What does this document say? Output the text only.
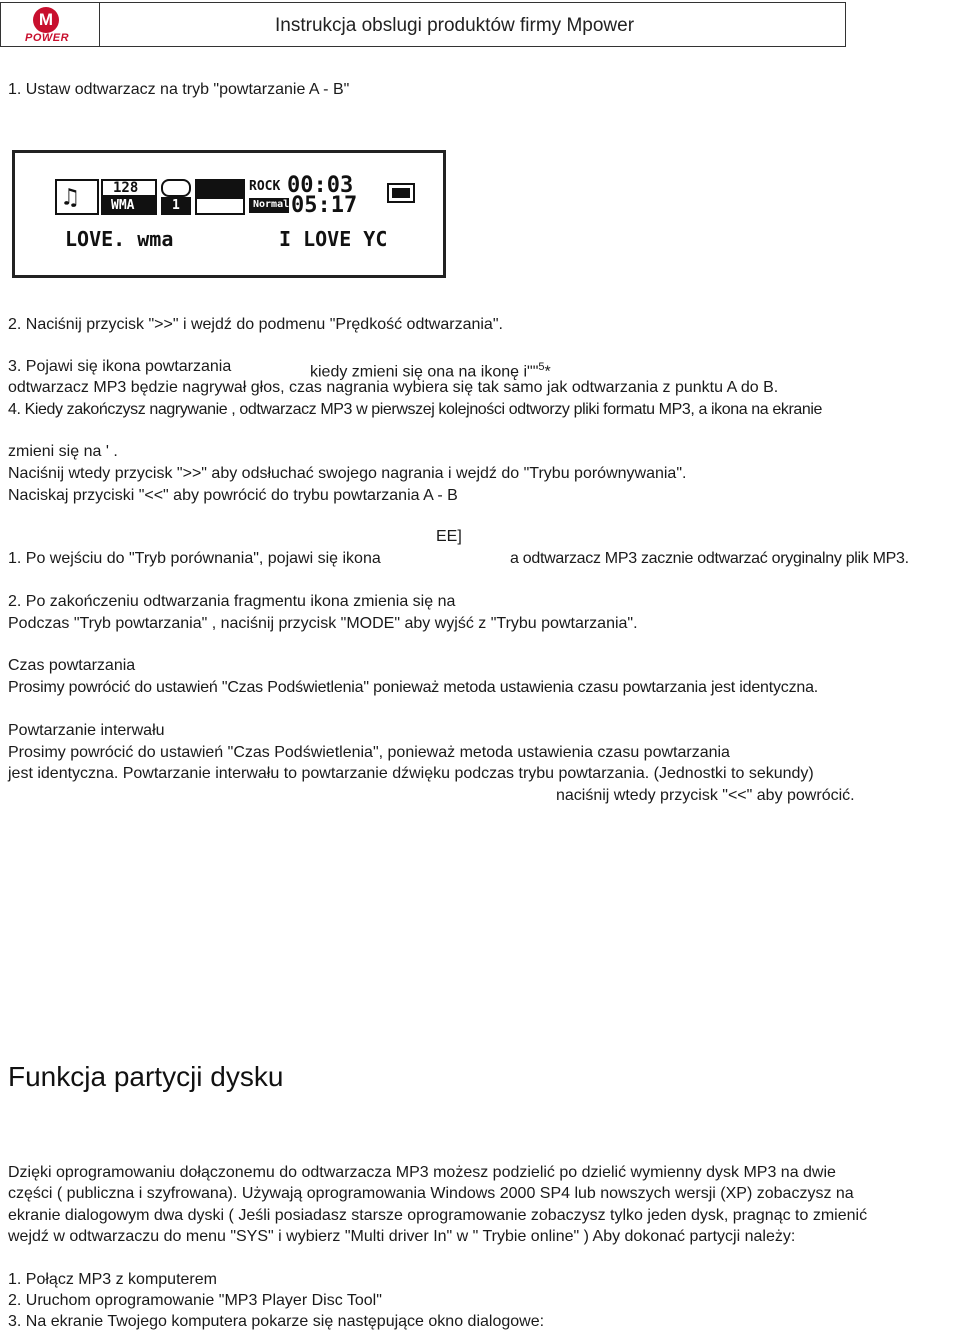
M
POWER
Instrukcja obslugi produktów firmy Mpower
1. Ustaw odtwarzacz na tryb "powtarzanie A - B"
♫	128
WMA	1
ROCK 00:03
Normal 05:17
LOVE. wma	I LOVE YC
2. Naciśnij przycisk ">>" i wejdź do podmenu "Prędkość odtwarzania".
3. Pojawi się ikona powtarzania	kiedy zmieni się ona na ikonę i""$^5$*
odtwarzacz MP3 będzie nagrywał głos, czas nagrania wybiera się tak samo jak odtwarzania z punktu A do B.
4. Kiedy zakończysz nagrywanie , odtwarzacz MP3 w pierwszej kolejności odtworzy pliki formatu MP3, a ikona na ekranie
zmieni się na ' .
Naciśnij wtedy przycisk ">>" aby odsłuchać swojego nagrania i wejdź do "Trybu porównywania".
Naciskaj przyciski "<<" aby powrócić do trybu powtarzania A - B
EE]
1. Po wejściu do "Tryb porównania", pojawi się ikona	a odtwarzacz MP3 zacznie odtwarzać oryginalny plik MP3.
2. Po zakończeniu odtwarzania fragmentu ikona zmienia się na
Podczas "Tryb powtarzania" , naciśnij przycisk "MODE" aby wyjść z "Trybu powtarzania".
Czas powtarzania
Prosimy powrócić do ustawień "Czas Podświetlenia" ponieważ metoda ustawienia czasu powtarzania jest identyczna.
Powtarzanie interwału
Prosimy powrócić do ustawień "Czas Podświetlenia", ponieważ metoda ustawienia czasu powtarzania
jest identyczna. Powtarzanie interwału to powtarzanie dźwięku podczas trybu powtarzania. (Jednostki to sekundy)
naciśnij wtedy przycisk "<<" aby powrócić.
Funkcja partycji dysku
Dzięki oprogramowaniu dołączonemu do odtwarzacza MP3 możesz podzielić po dzielić wymienny dysk MP3 na dwie
części ( publiczna i szyfrowana). Używają oprogramowania Windows 2000 SP4 lub nowszych wersji (XP) zobaczysz na
ekranie dialogowym dwa dyski ( Jeśli posiadasz starsze oprogramowanie zobaczysz tylko jeden dysk, pragnąc to zmienić
wejdź w odtwarzaczu do menu "SYS" i wybierz "Multi driver In" w " Trybie online" ) Aby dokonać partycji należy:
1. Połącz MP3 z komputerem
2. Uruchom oprogramowanie "MP3 Player Disc Tool"
3. Na ekranie Twojego komputera pokarze się następujące okno dialogowe:
